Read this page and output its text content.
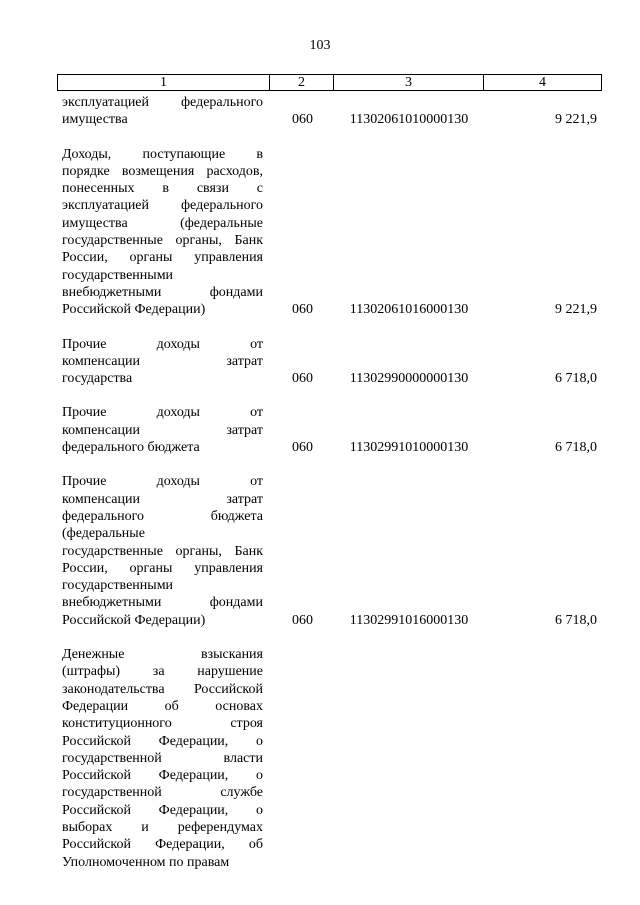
103
1	2	3	4
эксплуатацией федерального
имущества	060	11302061010000130	9 221,9
Доходы, поступающие в
порядке возмещения расходов,
понесенных в связи с
эксплуатацией федерального
имущества (федеральные
государственные органы, Банк
России, органы управления
государственными
внебюджетными фондами
Российской Федерации)	060	11302061016000130	9 221,9
Прочие доходы от
компенсации затрат
государства	060	11302990000000130	6 718,0
Прочие доходы от
компенсации затрат
федерального бюджета	060	11302991010000130	6 718,0
Прочие доходы от
компенсации затрат
федерального бюджета
(федеральные
государственные органы, Банк
России, органы управления
государственными
внебюджетными фондами
Российской Федерации)	060	11302991016000130	6 718,0
Денежные взыскания
(штрафы) за нарушение
законодательства Российской
Федерации об основах
конституционного строя
Российской Федерации, о
государственной власти
Российской Федерации, о
государственной службе
Российской Федерации, о
выборах и референдумах
Российской Федерации, об
Уполномоченном по правам
